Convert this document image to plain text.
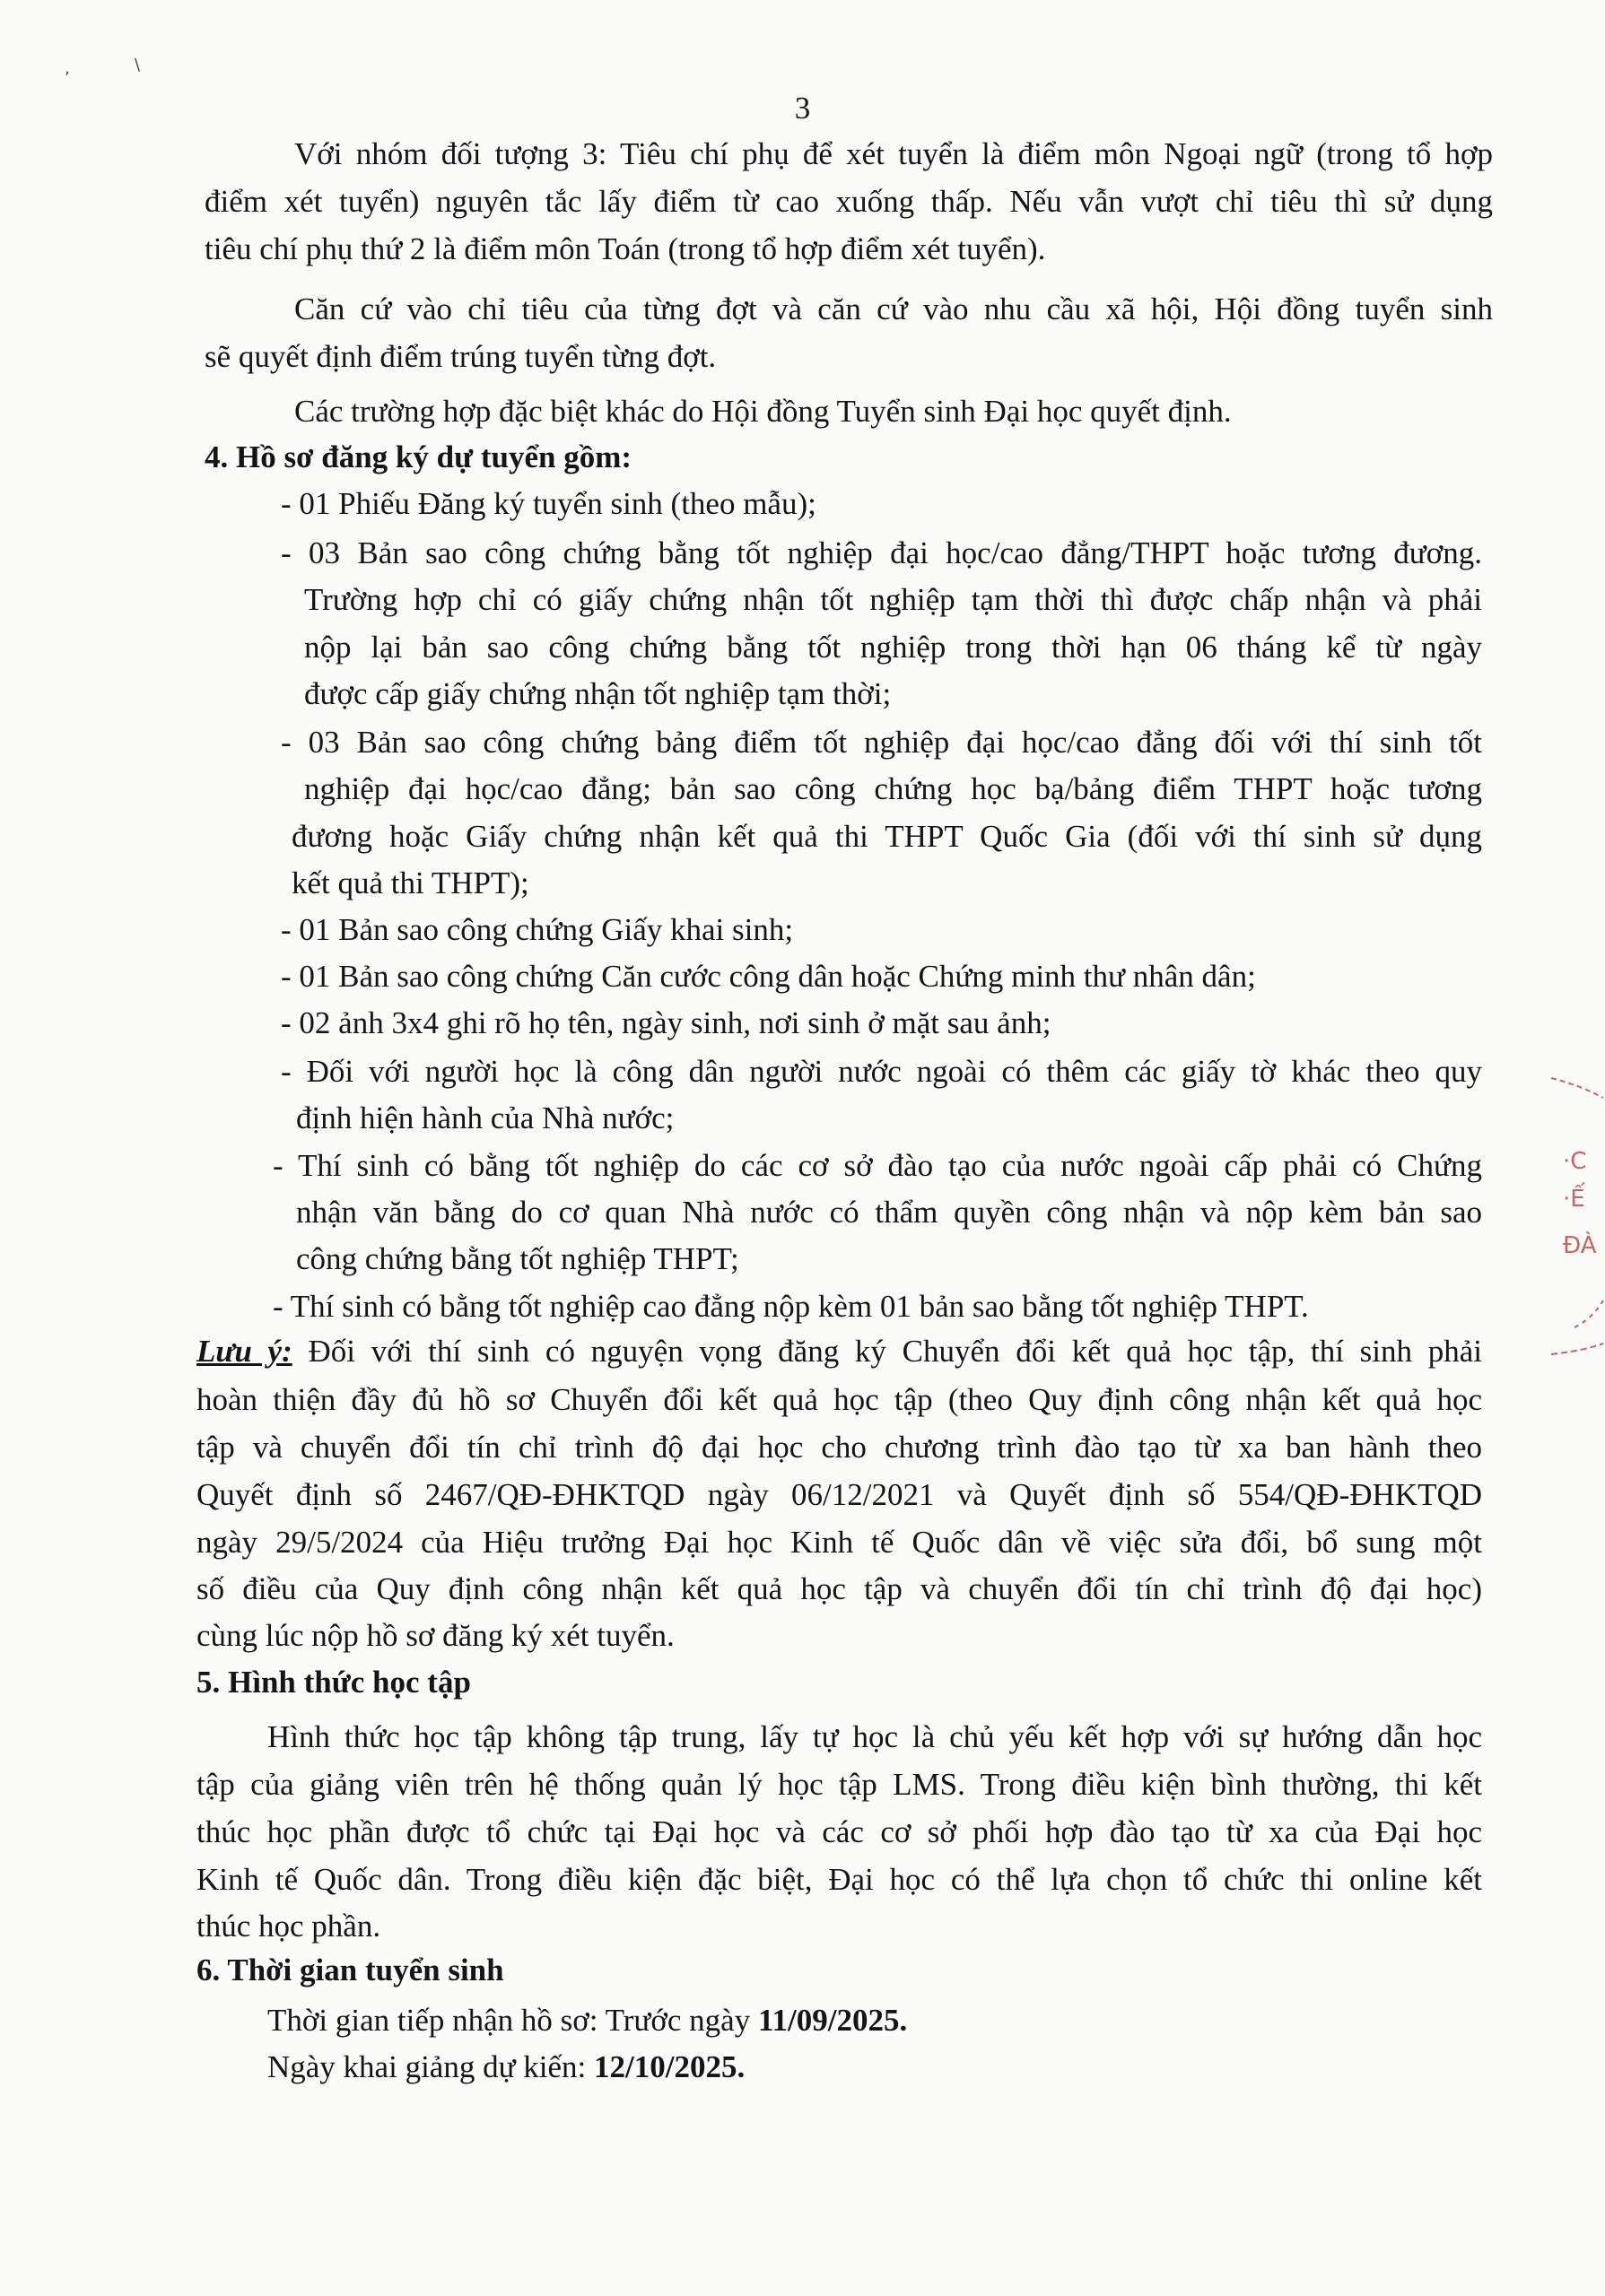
‚	\
3
Với nhóm đối tượng 3: Tiêu chí phụ để xét tuyển là điểm môn Ngoại ngữ (trong tổ hợp
điểm xét tuyển) nguyên tắc lấy điểm từ cao xuống thấp. Nếu vẫn vượt chỉ tiêu thì sử dụng
tiêu chí phụ thứ 2 là điểm môn Toán (trong tổ hợp điểm xét tuyển).
Căn cứ vào chỉ tiêu của từng đợt và căn cứ vào nhu cầu xã hội, Hội đồng tuyển sinh
sẽ quyết định điểm trúng tuyển từng đợt.
Các trường hợp đặc biệt khác do Hội đồng Tuyển sinh Đại học quyết định.
4. Hồ sơ đăng ký dự tuyển gồm:
- 01 Phiếu Đăng ký tuyển sinh (theo mẫu);
- 03 Bản sao công chứng bằng tốt nghiệp đại học/cao đẳng/THPT hoặc tương đương.
Trường hợp chỉ có giấy chứng nhận tốt nghiệp tạm thời thì được chấp nhận và phải
nộp lại bản sao công chứng bằng tốt nghiệp trong thời hạn 06 tháng kể từ ngày
được cấp giấy chứng nhận tốt nghiệp tạm thời;
- 03 Bản sao công chứng bảng điểm tốt nghiệp đại học/cao đẳng đối với thí sinh tốt
nghiệp đại học/cao đẳng; bản sao công chứng học bạ/bảng điểm THPT hoặc tương
đương hoặc Giấy chứng nhận kết quả thi THPT Quốc Gia (đối với thí sinh sử dụng
kết quả thi THPT);
- 01 Bản sao công chứng Giấy khai sinh;
- 01 Bản sao công chứng Căn cước công dân hoặc Chứng minh thư nhân dân;
- 02 ảnh 3x4 ghi rõ họ tên, ngày sinh, nơi sinh ở mặt sau ảnh;
- Đối với người học là công dân người nước ngoài có thêm các giấy tờ khác theo quy
định hiện hành của Nhà nước;
- Thí sinh có bằng tốt nghiệp do các cơ sở đào tạo của nước ngoài cấp phải có Chứng
nhận văn bằng do cơ quan Nhà nước có thẩm quyền công nhận và nộp kèm bản sao
công chứng bằng tốt nghiệp THPT;
- Thí sinh có bằng tốt nghiệp cao đẳng nộp kèm 01 bản sao bằng tốt nghiệp THPT.
Lưu ý: Đối với thí sinh có nguyện vọng đăng ký Chuyển đổi kết quả học tập, thí sinh phải
hoàn thiện đầy đủ hồ sơ Chuyển đổi kết quả học tập (theo Quy định công nhận kết quả học
tập và chuyển đổi tín chỉ trình độ đại học cho chương trình đào tạo từ xa ban hành theo
Quyết định số 2467/QĐ-ĐHKTQD ngày 06/12/2021 và Quyết định số 554/QĐ-ĐHKTQD
ngày 29/5/2024 của Hiệu trưởng Đại học Kinh tế Quốc dân về việc sửa đổi, bổ sung một
số điều của Quy định công nhận kết quả học tập và chuyển đổi tín chỉ trình độ đại học)
cùng lúc nộp hồ sơ đăng ký xét tuyển.
5. Hình thức học tập
Hình thức học tập không tập trung, lấy tự học là chủ yếu kết hợp với sự hướng dẫn học
tập của giảng viên trên hệ thống quản lý học tập LMS. Trong điều kiện bình thường, thi kết
thúc học phần được tổ chức tại Đại học và các cơ sở phối hợp đào tạo từ xa của Đại học
Kinh tế Quốc dân. Trong điều kiện đặc biệt, Đại học có thể lựa chọn tổ chức thi online kết
thúc học phần.
6. Thời gian tuyển sinh
Thời gian tiếp nhận hồ sơ: Trước ngày 11/09/2025.
Ngày khai giảng dự kiến: 12/10/2025.
·C
·Ế
ĐÀ
